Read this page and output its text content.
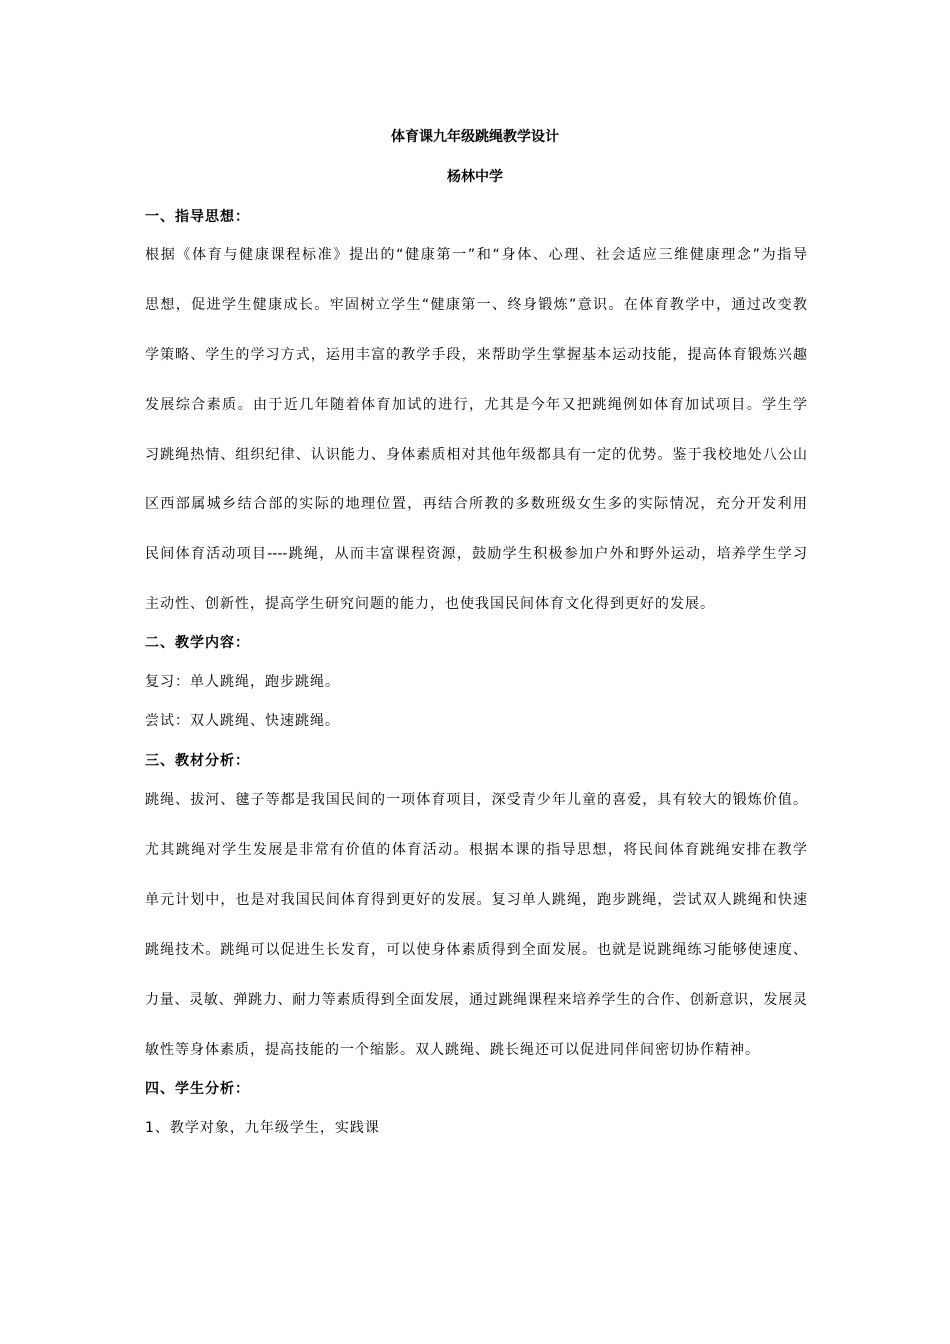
体育课九年级跳绳教学设计
杨林中学
一、指导思想：
根据《体育与健康课程标准》提出的“健康第一”和“身体、心理、社会适应三维健康理念”为指导
思想，促进学生健康成长。牢固树立学生“健康第一、终身锻炼”意识。在体育教学中，通过改变教
学策略、学生的学习方式，运用丰富的教学手段，来帮助学生掌握基本运动技能，提高体育锻炼兴趣
发展综合素质。由于近几年随着体育加试的进行，尤其是今年又把跳绳例如体育加试项目。学生学
习跳绳热情、组织纪律、认识能力、身体素质相对其他年级都具有一定的优势。鉴于我校地处八公山
区西部属城乡结合部的实际的地理位置，再结合所教的多数班级女生多的实际情况，充分开发利用
民间体育活动项目----跳绳，从而丰富课程资源，鼓励学生积极参加户外和野外运动，培养学生学习
主动性、创新性，提高学生研究问题的能力，也使我国民间体育文化得到更好的发展。
二、教学内容：
复习：单人跳绳，跑步跳绳。
尝试：双人跳绳、快速跳绳。
三、教材分析：
跳绳、拔河、毽子等都是我国民间的一项体育项目，深受青少年儿童的喜爱，具有较大的锻炼价值。
尤其跳绳对学生发展是非常有价值的体育活动。根据本课的指导思想，将民间体育跳绳安排在教学
单元计划中，也是对我国民间体育得到更好的发展。复习单人跳绳，跑步跳绳，尝试双人跳绳和快速
跳绳技术。跳绳可以促进生长发育，可以使身体素质得到全面发展。也就是说跳绳练习能够使速度、
力量、灵敏、弹跳力、耐力等素质得到全面发展，通过跳绳课程来培养学生的合作、创新意识，发展灵
敏性等身体素质，提高技能的一个缩影。双人跳绳、跳长绳还可以促进同伴间密切协作精神。
四、学生分析：
1、教学对象，九年级学生，实践课
